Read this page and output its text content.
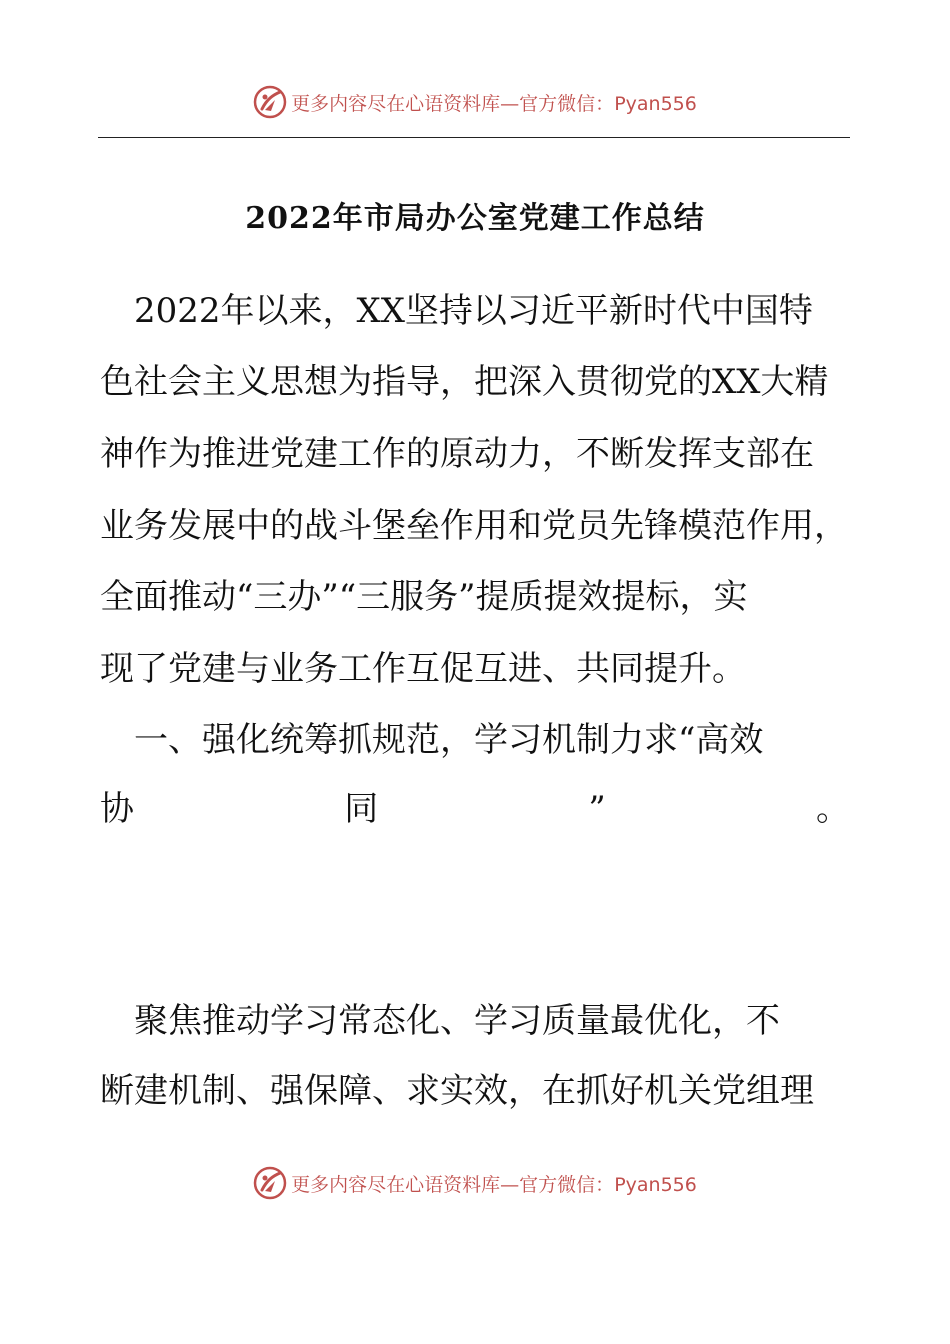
更多内容尽在心语资料库—官方微信：Pyan556
2022年市局办公室党建工作总结
　2022年以来，XX坚持以习近平新时代中国特
色社会主义思想为指导，把深入贯彻党的XX大精
神作为推进党建工作的原动力，不断发挥支部在
业务发展中的战斗堡垒作用和党员先锋模范作用，
全面推动“三办”“三服务”提质提效提标，实
现了党建与业务工作互促互进、共同提升。
　一、强化统筹抓规范，学习机制力求“高效
协	同	”	。
　聚焦推动学习常态化、学习质量最优化，不
断建机制、强保障、求实效，在抓好机关党组理
更多内容尽在心语资料库—官方微信：Pyan556
